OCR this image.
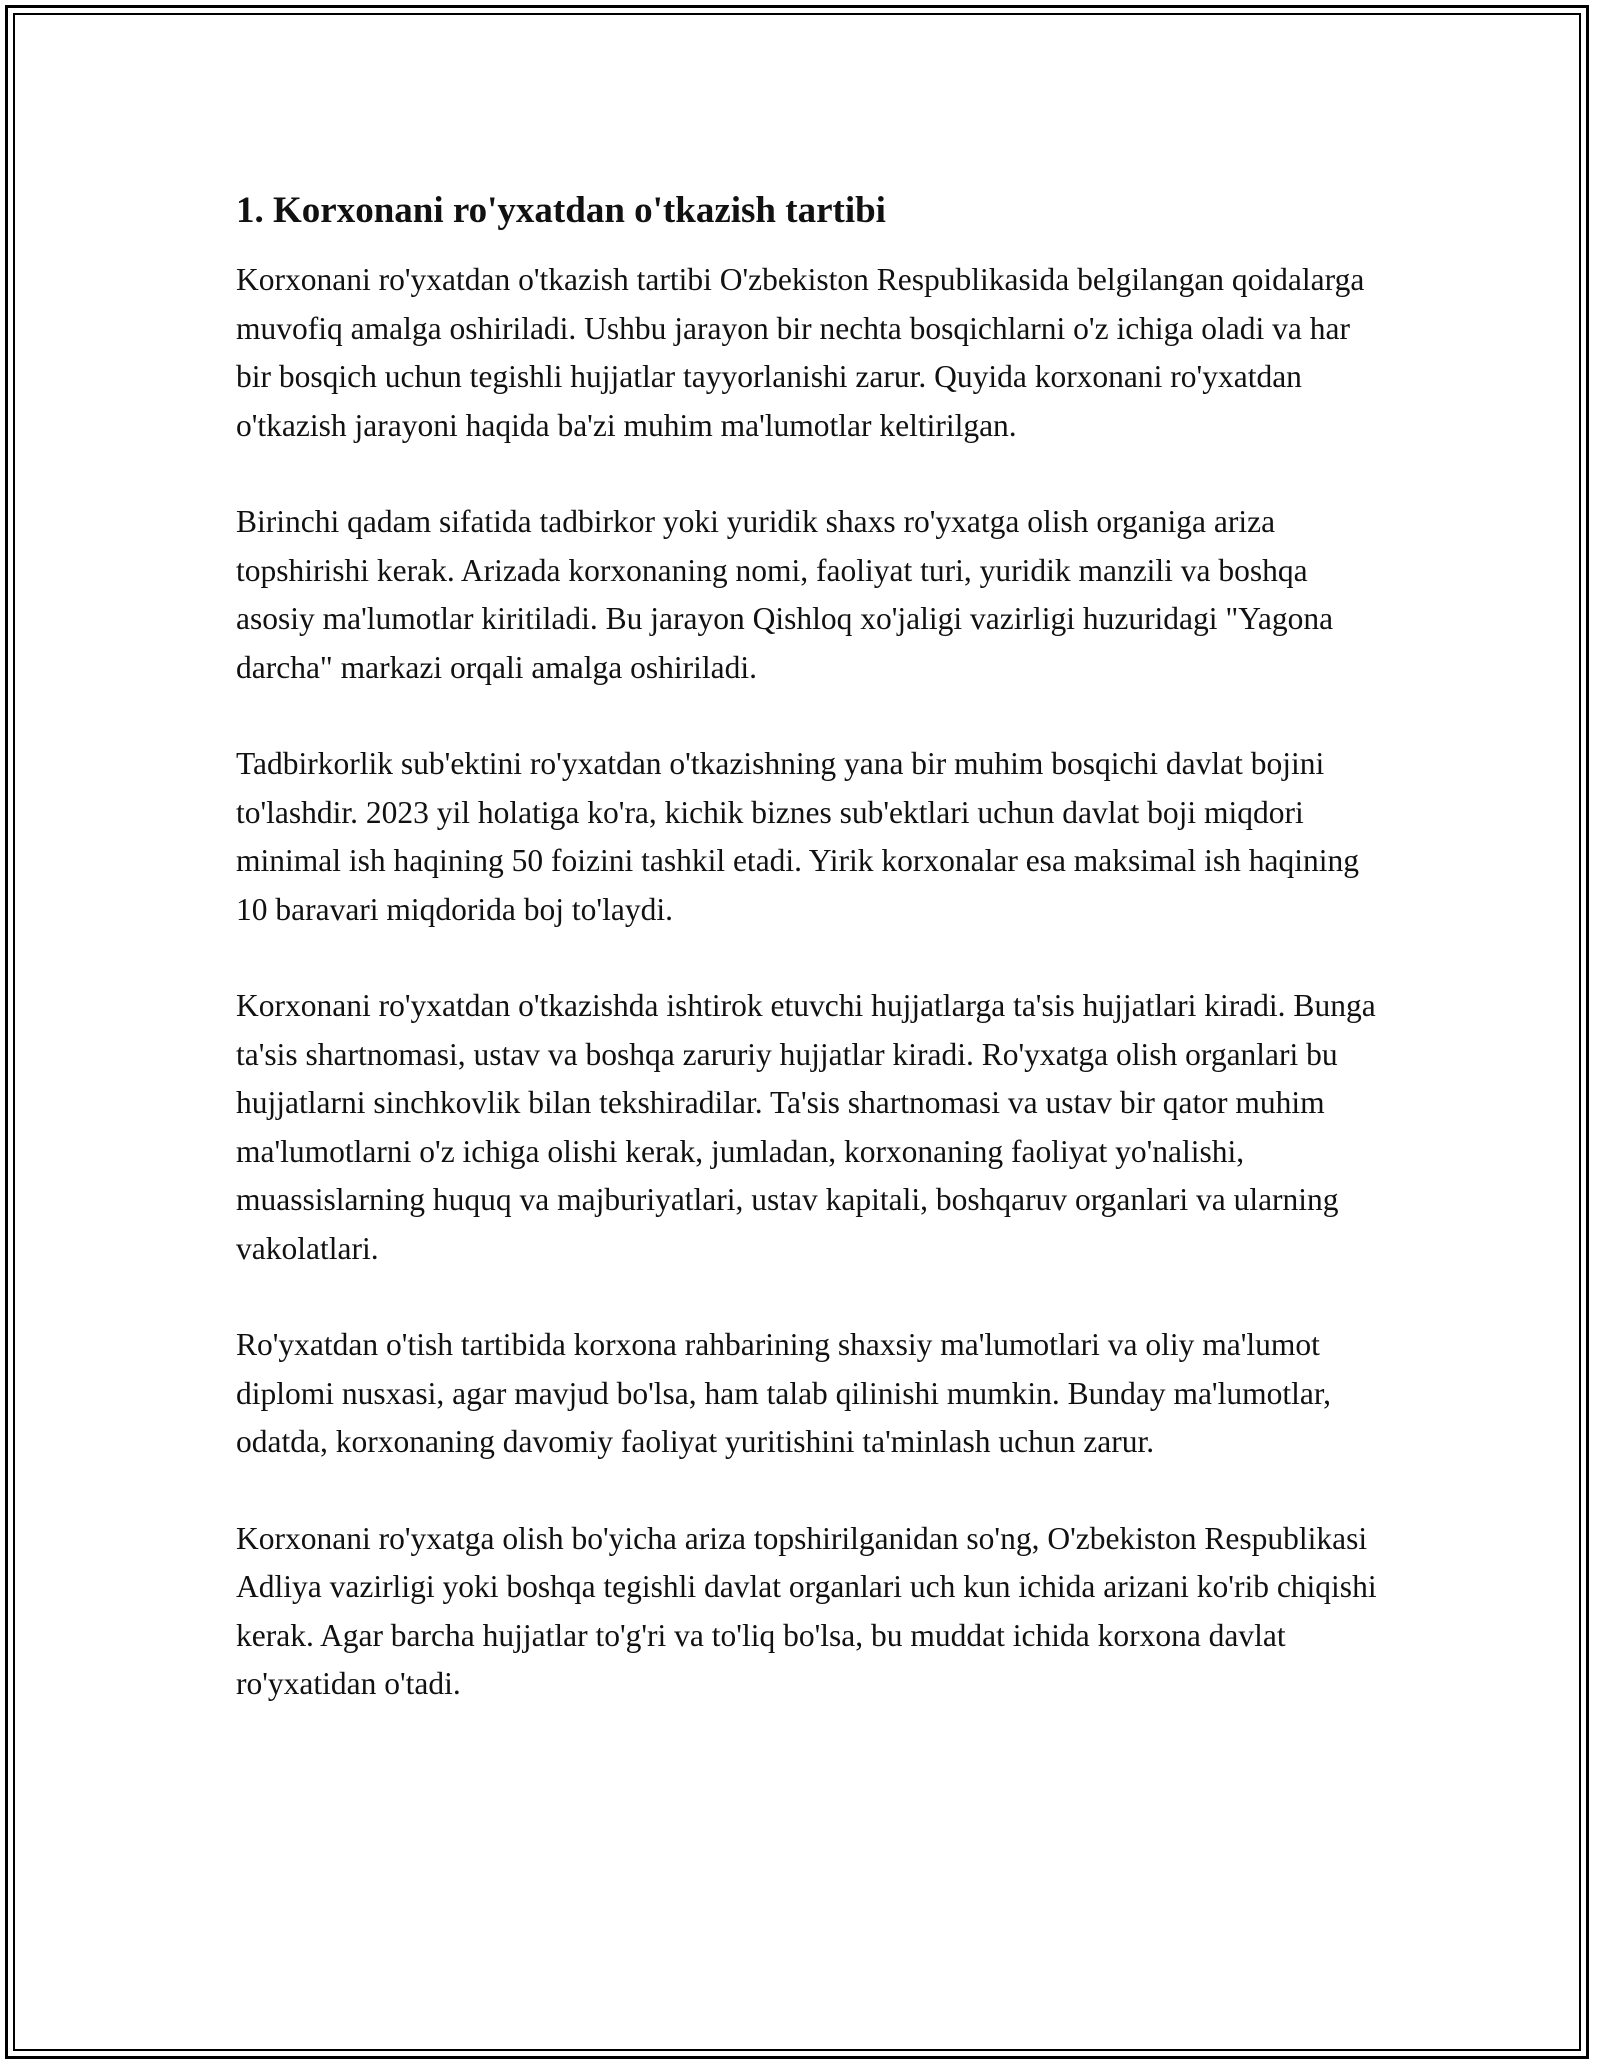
1. Korxonani ro'yxatdan o'tkazish tartibi

Korxonani ro'yxatdan o'tkazish tartibi O'zbekiston Respublikasida belgilangan qoidalarga muvofiq amalga oshiriladi. Ushbu jarayon bir nechta bosqichlarni o'z ichiga oladi va har bir bosqich uchun tegishli hujjatlar tayyorlanishi zarur. Quyida korxonani ro'yxatdan o'tkazish jarayoni haqida ba'zi muhim ma'lumotlar keltirilgan.

Birinchi qadam sifatida tadbirkor yoki yuridik shaxs ro'yxatga olish organiga ariza topshirishi kerak. Arizada korxonaning nomi, faoliyat turi, yuridik manzili va boshqa asosiy ma'lumotlar kiritiladi. Bu jarayon Qishloq xo'jaligi vazirligi huzuridagi "Yagona darcha" markazi orqali amalga oshiriladi.

Tadbirkorlik sub'ektini ro'yxatdan o'tkazishning yana bir muhim bosqichi davlat bojini to'lashdir. 2023 yil holatiga ko'ra, kichik biznes sub'ektlari uchun davlat boji miqdori minimal ish haqining 50 foizini tashkil etadi. Yirik korxonalar esa maksimal ish haqining 10 baravari miqdorida boj to'laydi.

Korxonani ro'yxatdan o'tkazishda ishtirok etuvchi hujjatlarga ta'sis hujjatlari kiradi. Bunga ta'sis shartnomasi, ustav va boshqa zaruriy hujjatlar kiradi. Ro'yxatga olish organlari bu hujjatlarni sinchkovlik bilan tekshiradilar. Ta'sis shartnomasi va ustav bir qator muhim ma'lumotlarni o'z ichiga olishi kerak, jumladan, korxonaning faoliyat yo'nalishi, muassislarning huquq va majburiyatlari, ustav kapitali, boshqaruv organlari va ularning vakolatlari.

Ro'yxatdan o'tish tartibida korxona rahbarining shaxsiy ma'lumotlari va oliy ma'lumot diplomi nusxasi, agar mavjud bo'lsa, ham talab qilinishi mumkin. Bunday ma'lumotlar, odatda, korxonaning davomiy faoliyat yuritishini ta'minlash uchun zarur.

Korxonani ro'yxatga olish bo'yicha ariza topshirilganidan so'ng, O'zbekiston Respublikasi Adliya vazirligi yoki boshqa tegishli davlat organlari uch kun ichida arizani ko'rib chiqishi kerak. Agar barcha hujjatlar to'g'ri va to'liq bo'lsa, bu muddat ichida korxona davlat ro'yxatidan o'tadi.
